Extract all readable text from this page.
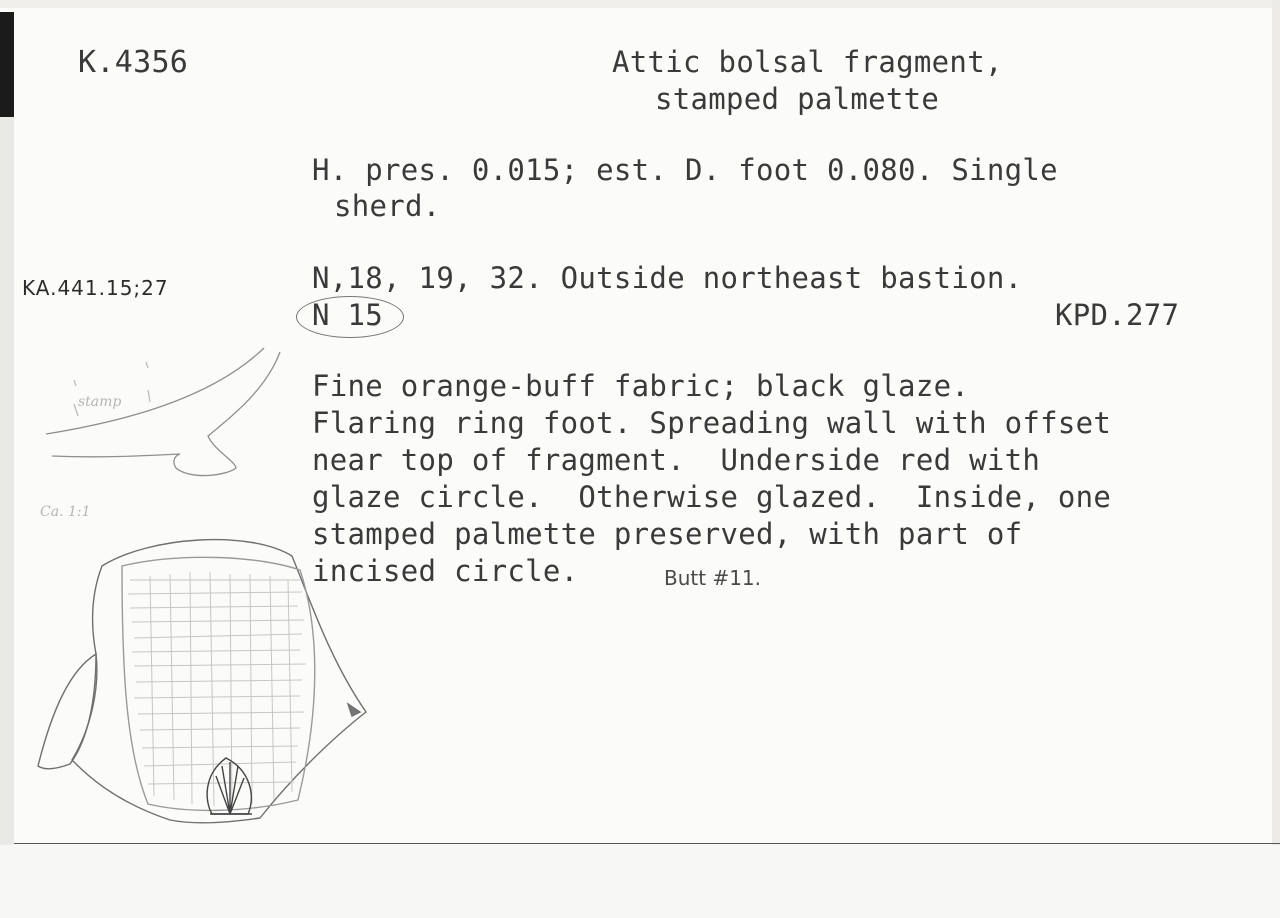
K.4356	Attic bolsal fragment,

stamped palmette

H. pres. 0.015; est. D. foot 0.080. Single

sherd.

N,18, 19, 32. Outside northeast bastion.

N 15	KPD.277

Fine orange-buff fabric; black glaze.
Flaring ring foot. Spreading wall with offset
near top of fragment.  Underside red with
glaze circle.  Otherwise glazed.  Inside, one
stamped palmette preserved, with part of
incised circle.

KA.441.15;27

Butt #11.

stamp

Ca. 1:1
